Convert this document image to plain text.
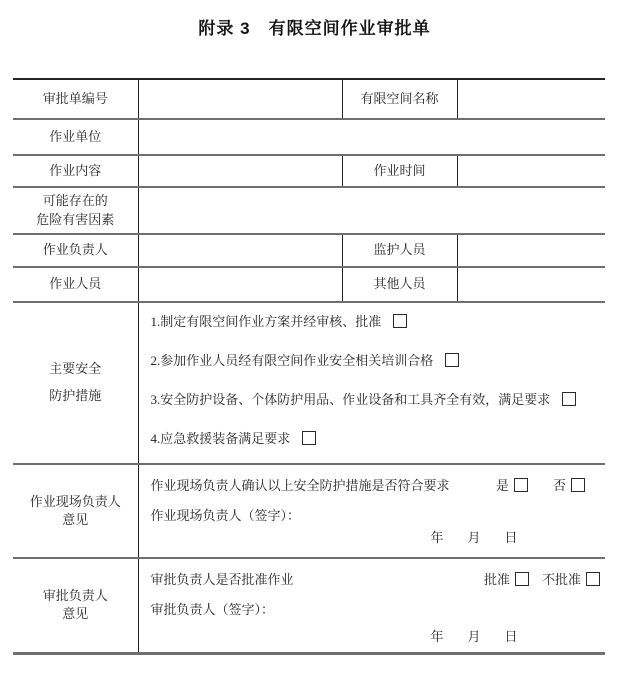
附录 3　有限空间作业审批单
审批单编号		有限空间名称	
作业单位			
作业内容		作业时间	

可能存在的
危险有害因素			

作业负责人		监护人员	
作业人员		其他人员	

主要安全
防护措施

1.制定有限空间作业方案并经审核、批准
2.参加作业人员经有限空间作业安全相关培训合格
3.安全防护设备、个体防护用品、作业设备和工具齐全有效，满足要求
4.应急救援装备满足要求

作业现场负责人
意见

作业现场负责人确认以上安全防护措施是否符合要求	是	否
作业现场负责人（签字）：
年 月 日

审批负责人
意见

审批负责人是否批准作业	批准	不批准
审批负责人（签字）：
年 月 日
